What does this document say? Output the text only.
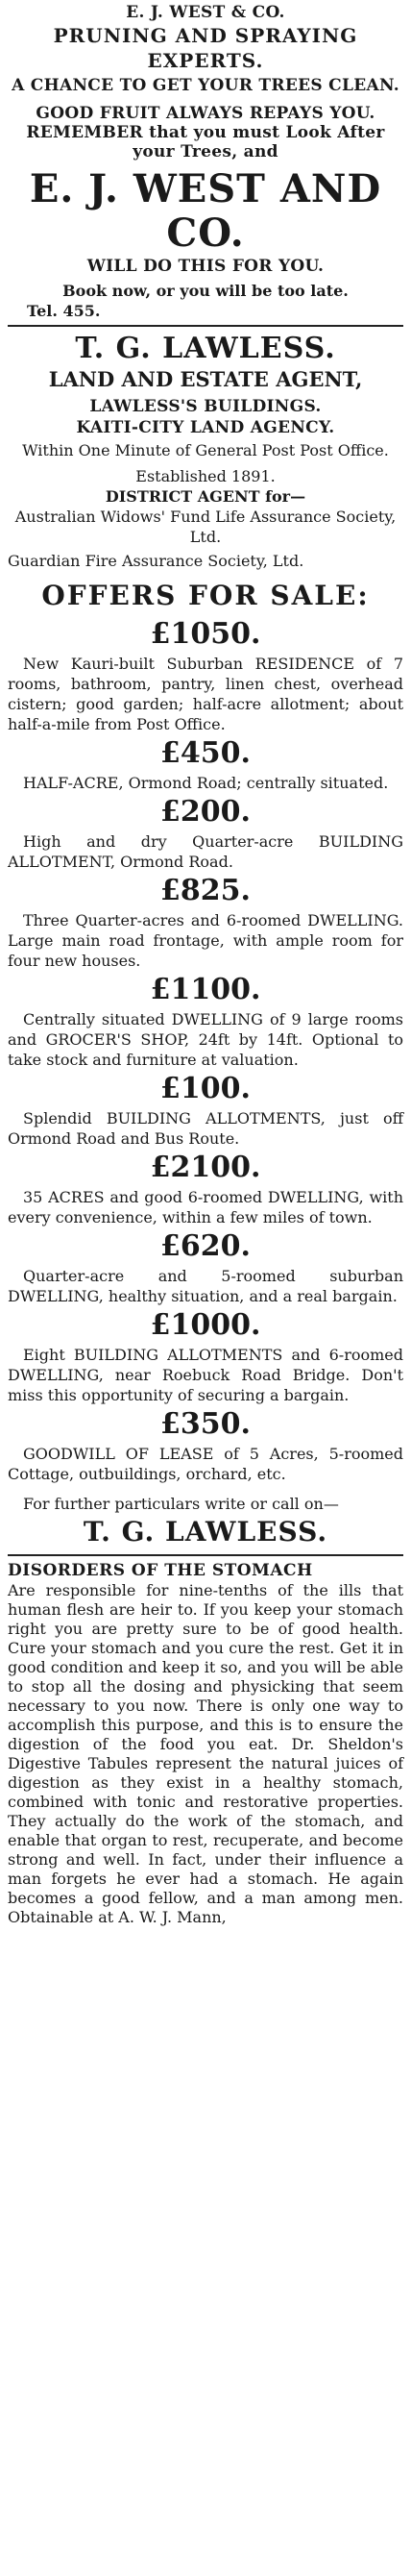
E. J. WEST & CO.
PRUNING AND SPRAYING
EXPERTS.
A CHANCE TO GET YOUR TREES CLEAN.
GOOD FRUIT ALWAYS REPAYS YOU.
REMEMBER that you must Look After your Trees, and
E. J. WEST AND CO.
WILL DO THIS FOR YOU.
Book now, or you will be too late.
Tel. 455.
T. G. LAWLESS.
LAND AND ESTATE AGENT,
LAWLESS'S BUILDINGS.
KAITI-CITY LAND AGENCY.
Within One Minute of General Post Post Office.
Established 1891.
DISTRICT AGENT for—
Australian Widows' Fund Life Assurance Society, Ltd.
Guardian Fire Assurance Society, Ltd.
OFFERS FOR SALE:
£1050.
New Kauri-built Suburban RESIDENCE of 7 rooms, bathroom, pantry, linen chest, overhead cistern; good garden; half-acre allotment; about half-a-mile from Post Office.
£450.
HALF-ACRE, Ormond Road; centrally situated.
£200.
High and dry Quarter-acre BUILDING ALLOTMENT, Ormond Road.
£825.
Three Quarter-acres and 6-roomed DWELLING. Large main road frontage, with ample room for four new houses.
£1100.
Centrally situated DWELLING of 9 large rooms and GROCER'S SHOP, 24ft by 14ft. Optional to take stock and furniture at valuation.
£100.
Splendid BUILDING ALLOTMENTS, just off Ormond Road and Bus Route.
£2100.
35 ACRES and good 6-roomed DWELLING, with every convenience, within a few miles of town.
£620.
Quarter-acre and 5-roomed suburban DWELLING, healthy situation, and a real bargain.
£1000.
Eight BUILDING ALLOTMENTS and 6-roomed DWELLING, near Roebuck Road Bridge. Don't miss this opportunity of securing a bargain.
£350.
GOODWILL OF LEASE of 5 Acres, 5-roomed Cottage, outbuildings, orchard, etc.
For further particulars write or call on—
T. G. LAWLESS.
DISORDERS OF THE STOMACH
Are responsible for nine-tenths of the ills that human flesh are heir to. If you keep your stomach right you are pretty sure to be of good health. Cure your stomach and you cure the rest. Get it in good condition and keep it so, and you will be able to stop all the dosing and physicking that seem necessary to you now. There is only one way to accomplish this purpose, and this is to ensure the digestion of the food you eat. Dr. Sheldon's Digestive Tabules represent the natural juices of digestion as they exist in a healthy stomach, combined with tonic and restorative properties. They actually do the work of the stomach, and enable that organ to rest, recuperate, and become strong and well. In fact, under their influence a man forgets he ever had a stomach. He again becomes a good fellow, and a man among men. Obtainable at A. W. J. Mann,
